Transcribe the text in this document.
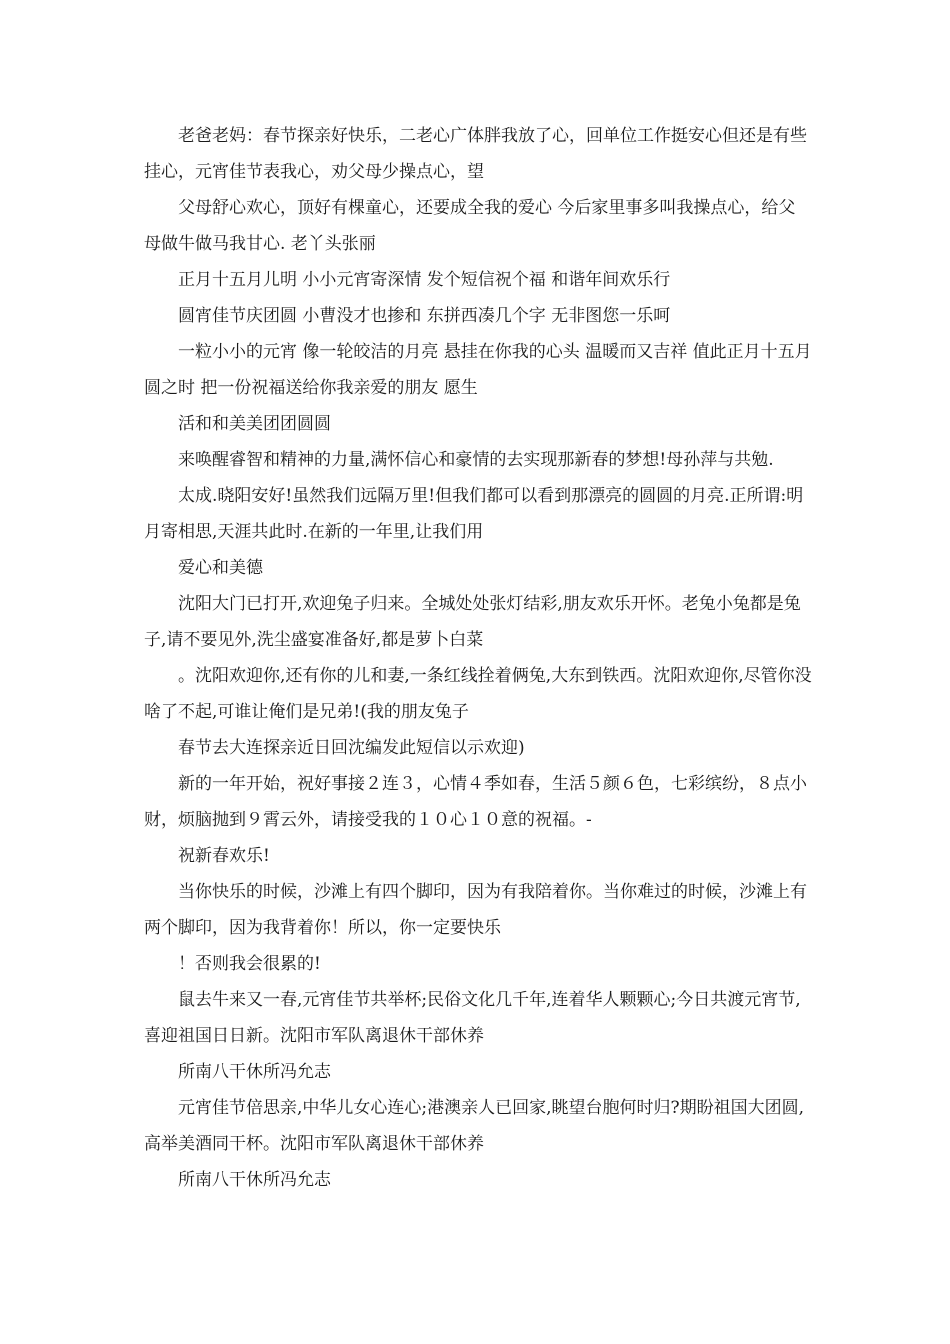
老爸老妈：春节探亲好快乐，二老心广体胖我放了心，回单位工作挺安心但还是有些挂心，元宵佳节表我心，劝父母少操点心，望

父母舒心欢心，顶好有棵童心，还要成全我的爱心 今后家里事多叫我操点心，给父母做牛做马我甘心. 老丫头张丽

正月十五月儿明 小小元宵寄深情 发个短信祝个福 和谐年间欢乐行

圆宵佳节庆团圆 小曹没才也掺和 东拼西凑几个字 无非图您一乐呵

一粒小小的元宵 像一轮皎洁的月亮 悬挂在你我的心头 温暖而又吉祥 值此正月十五月圆之时 把一份祝福送给你我亲爱的朋友 愿生

活和和美美团团圆圆

来唤醒睿智和精神的力量,满怀信心和豪情的去实现那新春的梦想!母孙萍与共勉.

太成.晓阳安好!虽然我们远隔万里!但我们都可以看到那漂亮的圆圆的月亮.正所谓:明月寄相思,天涯共此时.在新的一年里,让我们用

爱心和美德

沈阳大门已打开,欢迎兔子归来。全城处处张灯结彩,朋友欢乐开怀。老兔小兔都是兔子,请不要见外,洗尘盛宴准备好,都是萝卜白菜

。沈阳欢迎你,还有你的儿和妻,一条红线拴着俩兔,大东到铁西。沈阳欢迎你,尽管你没啥了不起,可谁让俺们是兄弟!(我的朋友兔子

春节去大连探亲近日回沈编发此短信以示欢迎)

新的一年开始，祝好事接２连３，心情４季如春，生活５颜６色，七彩缤纷，８点小财，烦脑抛到９霄云外，请接受我的１０心１０意的祝福。-

祝新春欢乐!

当你快乐的时候，沙滩上有四个脚印，因为有我陪着你。当你难过的时候，沙滩上有两个脚印，因为我背着你！所以，你一定要快乐

！否则我会很累的!

鼠去牛来又一春,元宵佳节共举杯;民俗文化几千年,连着华人颗颗心;今日共渡元宵节,喜迎祖国日日新。沈阳市军队离退休干部休养

所南八干休所冯允志

元宵佳节倍思亲,中华儿女心连心;港澳亲人已回家,眺望台胞何时归?期盼祖国大团圆,高举美酒同干杯。沈阳市军队离退休干部休养

所南八干休所冯允志
